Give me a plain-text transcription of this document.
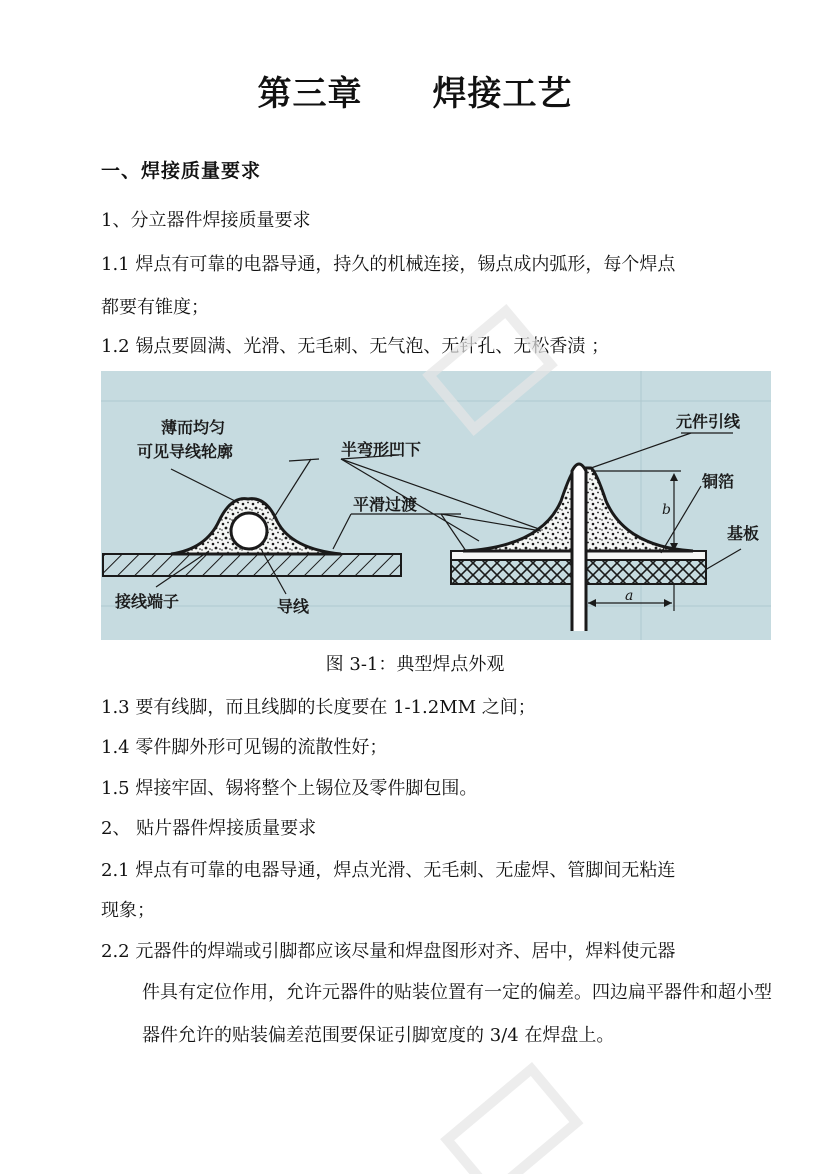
第三章 焊接工艺
一、焊接质量要求

1、分立器件焊接质量要求

1.1 焊点有可靠的电器导通，持久的机械连接，锡点成内弧形，每个焊点

都要有锥度；

1.2 锡点要圆满、光滑、无毛刺、无气泡、无针孔、无松香渍 ；

薄而均匀
可见导线轮廓	半弯形凹下
平滑过渡
元件引线
铜箔
基板
接线端子	导线
b
a

图 3-1：典型焊点外观

1.3 要有线脚，而且线脚的长度要在 1-1.2MM 之间；

1.4 零件脚外形可见锡的流散性好；

1.5 焊接牢固、锡将整个上锡位及零件脚包围。

2、 贴片器件焊接质量要求

2.1 焊点有可靠的电器导通，焊点光滑、无毛刺、无虚焊、管脚间无粘连

现象；

2.2 元器件的焊端或引脚都应该尽量和焊盘图形对齐、居中，焊料使元器

件具有定位作用，允许元器件的贴装位置有一定的偏差。四边扁平器件和超小型器件允许的贴装偏差范围要保证引脚宽度的 3/4 在焊盘上。
